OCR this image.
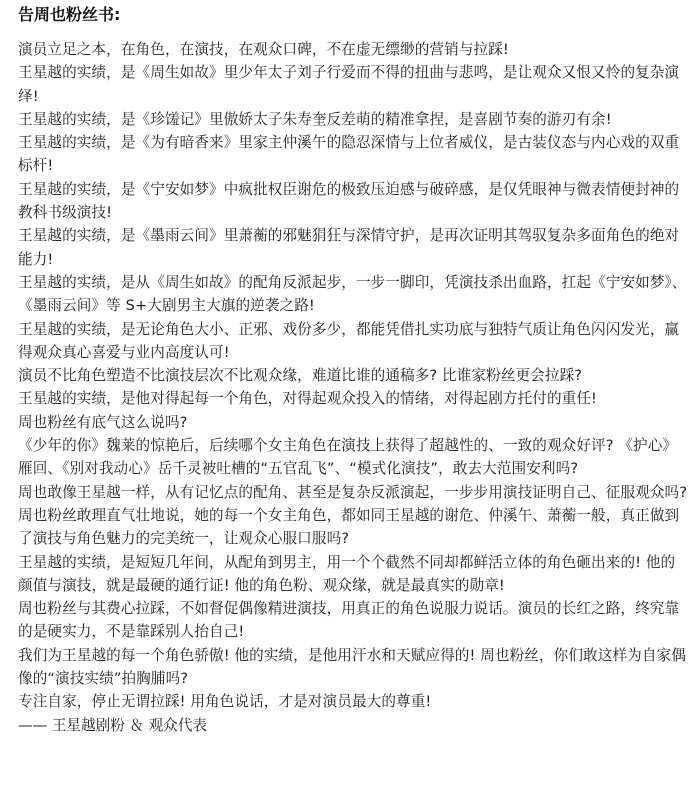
告周也粉丝书:

演员立足之本，在角色，在演技，在观众口碑，不在虚无缥缈的营销与拉踩!

王星越的实绩，是《周生如故》里少年太子刘子行爱而不得的扭曲与悲鸣，是让观众又恨又怜的复杂演绎!

王星越的实绩，是《珍馐记》里傲娇太子朱寿奎反差萌的精准拿捏，是喜剧节奏的游刃有余!

王星越的实绩，是《为有暗香来》里家主仲溪午的隐忍深情与上位者威仪，是古装仪态与内心戏的双重标杆!

王星越的实绩，是《宁安如梦》中疯批权臣谢危的极致压迫感与破碎感，是仅凭眼神与微表情便封神的教科书级演技!

王星越的实绩，是《墨雨云间》里萧蘅的邪魅狷狂与深情守护，是再次证明其驾驭复杂多面角色的绝对能力!

王星越的实绩，是从《周生如故》的配角反派起步，一步一脚印，凭演技杀出血路，扛起《宁安如梦》、《墨雨云间》等 S+大剧男主大旗的逆袭之路!

王星越的实绩，是无论角色大小、正邪、戏份多少，都能凭借扎实功底与独特气质让角色闪闪发光，赢得观众真心喜爱与业内高度认可!

演员不比角色塑造不比演技层次不比观众缘，难道比谁的通稿多? 比谁家粉丝更会拉踩?

王星越的实绩，是他对得起每一个角色，对得起观众投入的情绪，对得起剧方托付的重任!

周也粉丝有底气这么说吗?

《少年的你》魏莱的惊艳后，后续哪个女主角色在演技上获得了超越性的、一致的观众好评? 《护心》雁回、《别对我动心》岳千灵被吐槽的“五官乱飞”、“模式化演技”，敢去大范围安利吗?

周也敢像王星越一样，从有记忆点的配角、甚至是复杂反派演起，一步步用演技证明自己、征服观众吗?

周也粉丝敢理直气壮地说，她的每一个女主角色，都如同王星越的谢危、仲溪午、萧蘅一般，真正做到了演技与角色魅力的完美统一，让观众心服口服吗?

王星越的实绩，是短短几年间，从配角到男主，用一个个截然不同却都鲜活立体的角色砸出来的! 他的颜值与演技，就是最硬的通行证! 他的角色粉、观众缘，就是最真实的勋章!

周也粉丝与其费心拉踩，不如督促偶像精进演技，用真正的角色说服力说话。演员的长红之路，终究靠的是硬实力，不是靠踩别人抬自己!

我们为王星越的每一个角色骄傲! 他的实绩，是他用汗水和天赋应得的! 周也粉丝，你们敢这样为自家偶像的“演技实绩”拍胸脯吗?

专注自家，停止无谓拉踩! 用角色说话，才是对演员最大的尊重!

—— 王星越剧粉 ＆ 观众代表
